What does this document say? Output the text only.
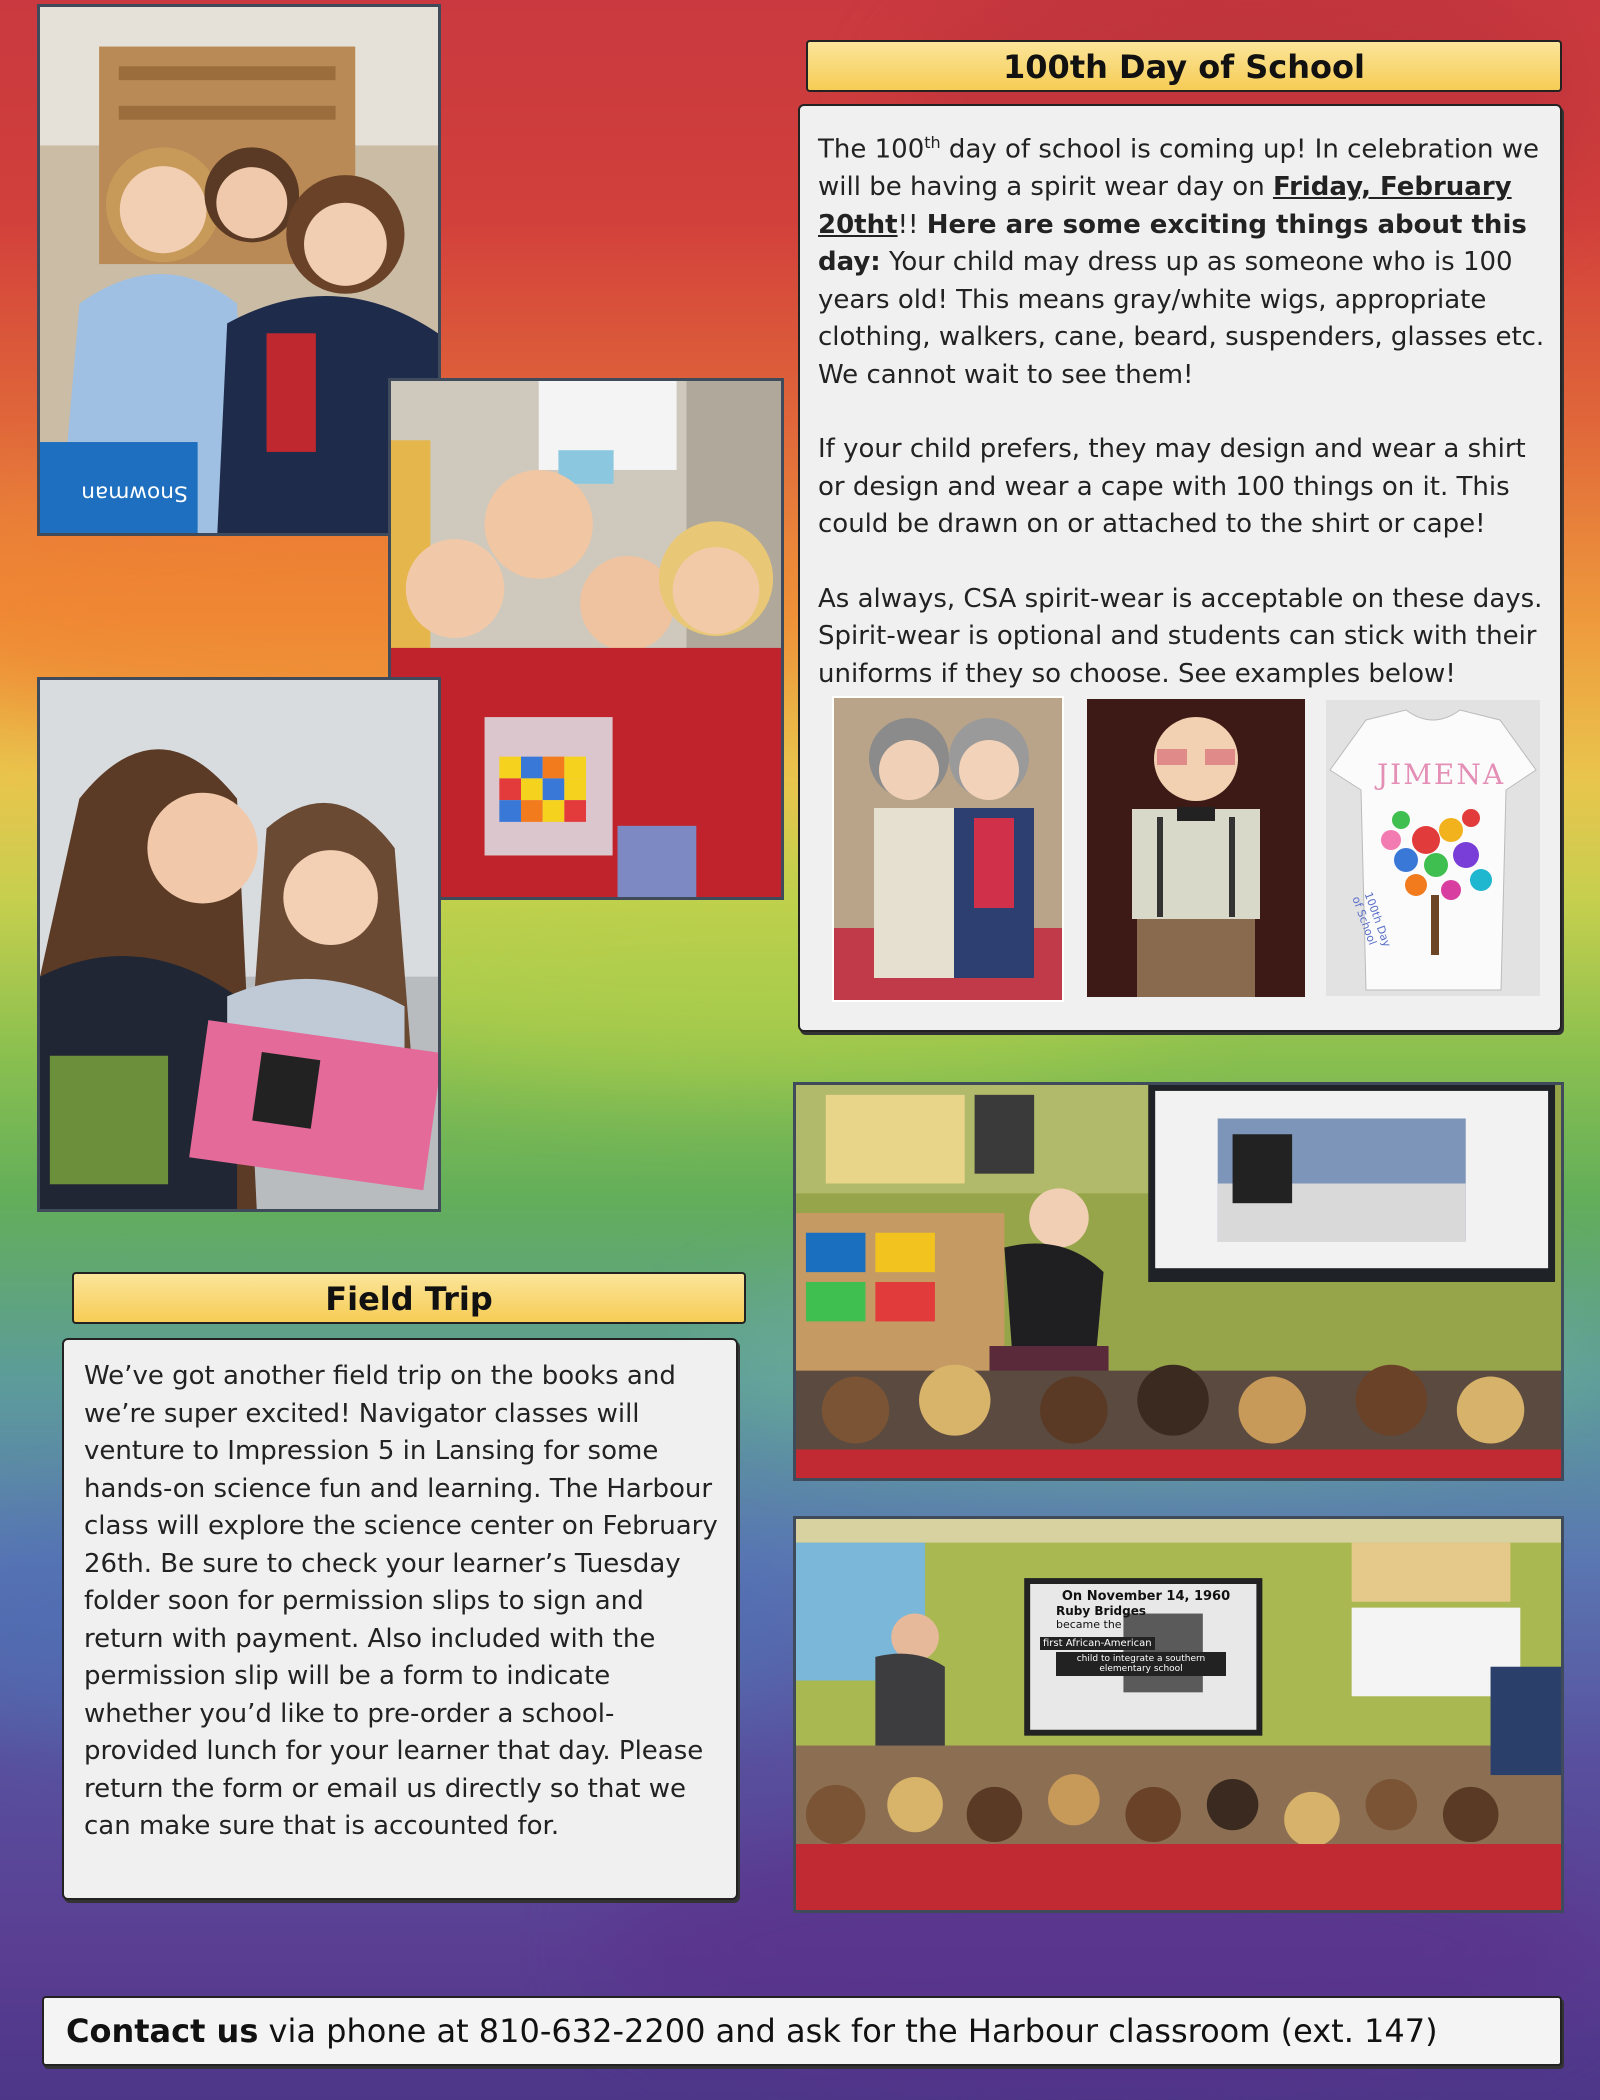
Snowman
100th Day of School

The 100th day of school is coming up! In celebration we will be having a spirit wear day on Friday, February 20tht!! Here are some exciting things about this day: Your child may dress up as someone who is 100 years old! This means gray/white wigs, appropriate clothing, walkers, cane, beard, suspenders, glasses etc. We cannot wait to see them!

If your child prefers, they may design and wear a shirt or design and wear a cape with 100 things on it. This could be drawn on or attached to the shirt or cape!

As always, CSA spirit-wear is acceptable on these days. Spirit-wear is optional and students can stick with their uniforms if they so choose. See examples below!

JIMENA
100th Day of School
On November 14, 1960
Ruby Bridges
became the
first African-American
child to integrate a southern elementary school
Field Trip

We’ve got another field trip on the books and we’re super excited! Navigator classes will venture to Impression 5 in Lansing for some hands-on science fun and learning. The Harbour class will explore the science center on February 26th. Be sure to check your learner’s Tuesday folder soon for permission slips to sign and return with payment. Also included with the permission slip will be a form to indicate whether you’d like to pre-order a school-provided lunch for your learner that day. Please return the form or email us directly so that we can make sure that is accounted for.

Contact us via phone at 810-632-2200 and ask for the Harbour classroom (ext. 147)
